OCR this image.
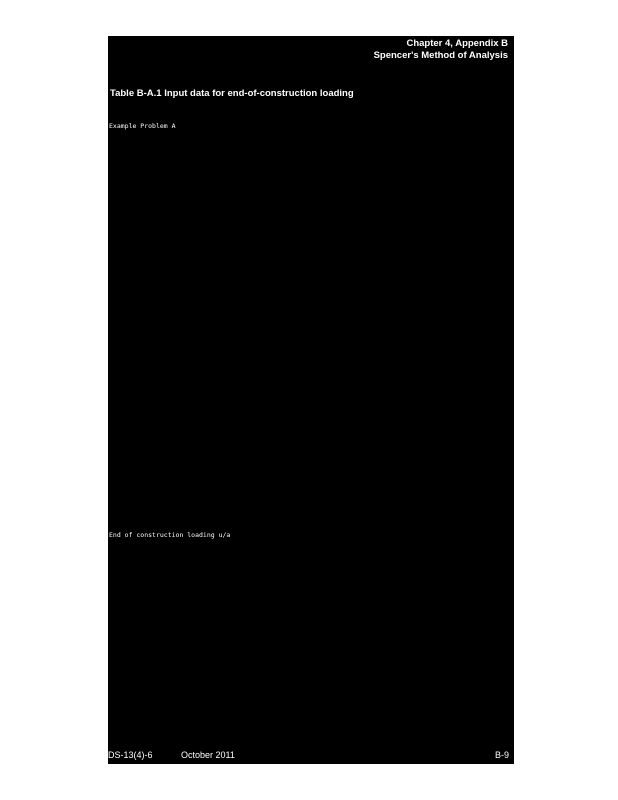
Chapter 4, Appendix B
Spencer's Method of Analysis
Table B-A.1 Input data for end-of-construction loading
Example Problem A
62.4
0	0
0	0
0	0
0	0
0	0
0	0
End of construction loading u/a
70.0
0.1
DS-13(4)-6	October 2011	B-9
